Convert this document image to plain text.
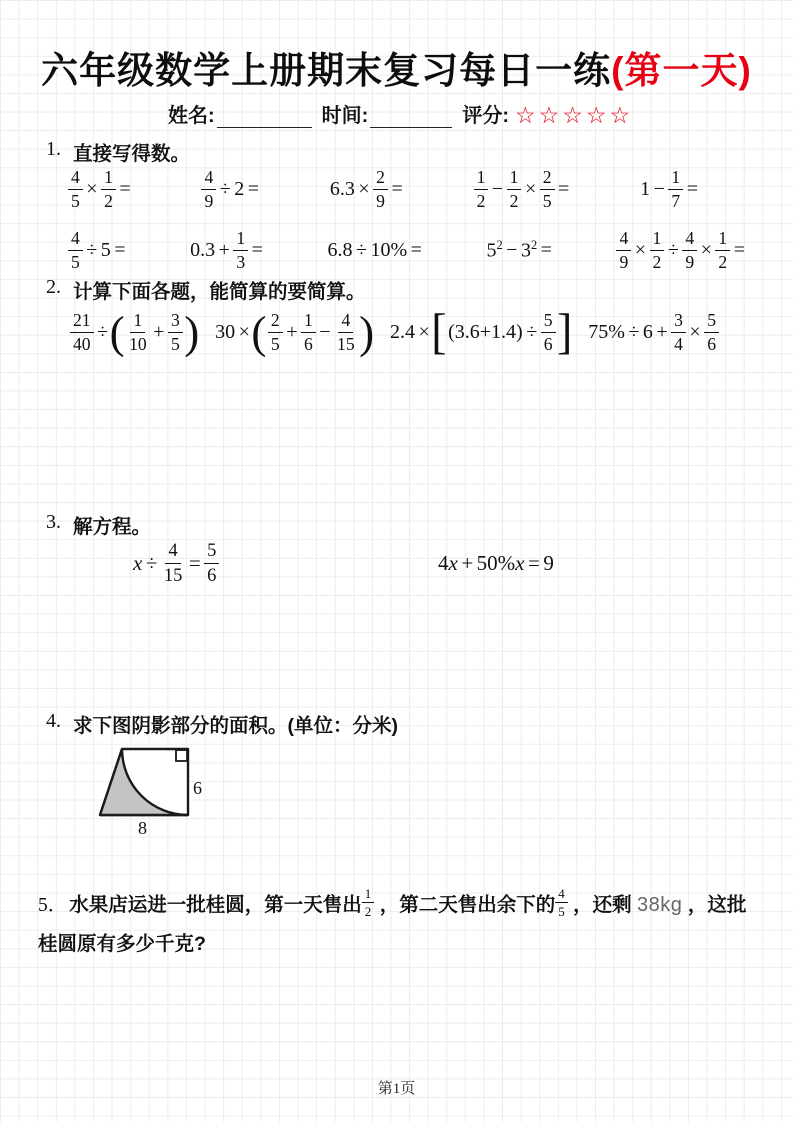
六年级数学上册期末复习每日一练(第一天)
姓名:	时间:	评分: ☆☆☆☆☆
1. 直接写得数。
$\frac{4}{5} \times \frac{1}{2}$ =	$\frac{4}{9} \div 2$ =	$6.3 \times \frac{2}{9}$ =	$\frac{1}{2} - \frac{1}{2} \times \frac{2}{5}$ =	$1 - \frac{1}{7}$ =
$\frac{4}{5} \div 5$ =	$0.3 + \frac{1}{3}$ =	6.8 ÷ 10% =	$5^2 - 3^2$ =	$\frac{4}{9} \times \frac{1}{2} \div \frac{4}{9} \times \frac{1}{2}$ =
2. 计算下面各题，能简算的要简算。
$\frac{21}{40}$ ÷ ( $\frac{1}{10} + \frac{3}{5}$ ) 30 × ( $\frac{2}{5} + \frac{1}{6} - \frac{4}{15}$ ) 2.4 × [ $(3.6+1.4) \div \frac{5}{6}$ ] $75\% \div 6 + \frac{3}{4} \times \frac{5}{6}$
3. 解方程。
$x \div \frac{4}{15} = \frac{5}{6}$	4x + 50%x = 9
4. 求下图阴影部分的面积。(单位：分米)
6
8
5． 水果店运进一批桂圆，第一天售出 $\frac{1}{2}$ ，第二天售出余下的 $\frac{4}{5}$ ，还剩 38kg ，这批桂圆原有多少千克?
第1页
